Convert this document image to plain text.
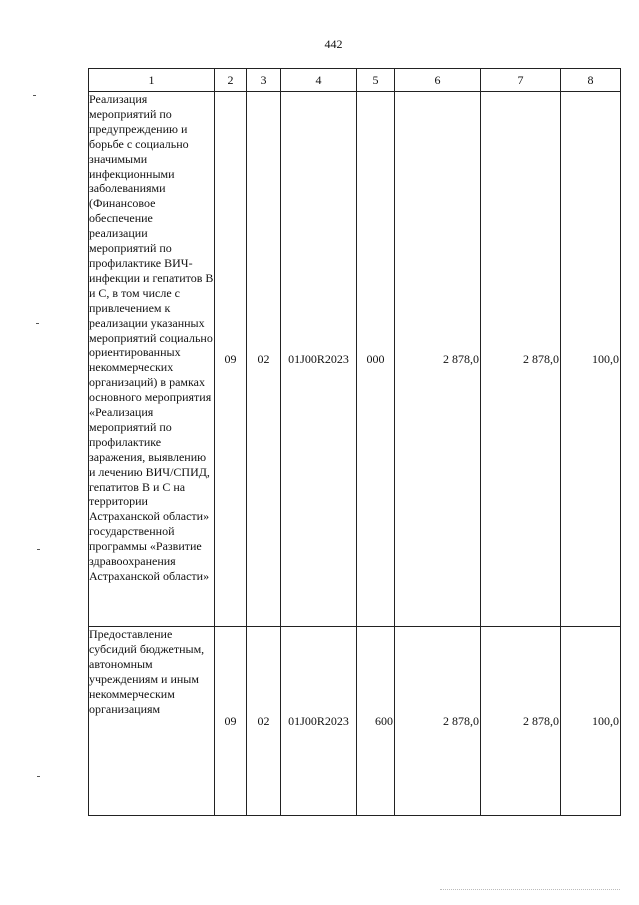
442
1	2	3	4	5	6	7	8
Реализация мероприятий по предупреждению и борьбе с социально значимыми инфекционными заболеваниями (Финансовое обеспечение реализации мероприятий по профилактике ВИЧ-инфекции и гепатитов В и С, в том числе с привлечением к реализации указанных мероприятий социально ориентированных некоммерческих организаций) в рамках основного мероприятия «Реализация мероприятий по профилактике заражения, выявлению и лечению ВИЧ/СПИД, гепатитов В и С на территории Астраханской области» государственной программы «Развитие здравоохранения Астраханской области»	09	02	01J00R2023	000	2 878,0	2 878,0	100,0
Предоставление субсидий бюджетным, автономным учреждениям и иным некоммерческим организациям	09	02	01J00R2023	600	2 878,0	2 878,0	100,0
